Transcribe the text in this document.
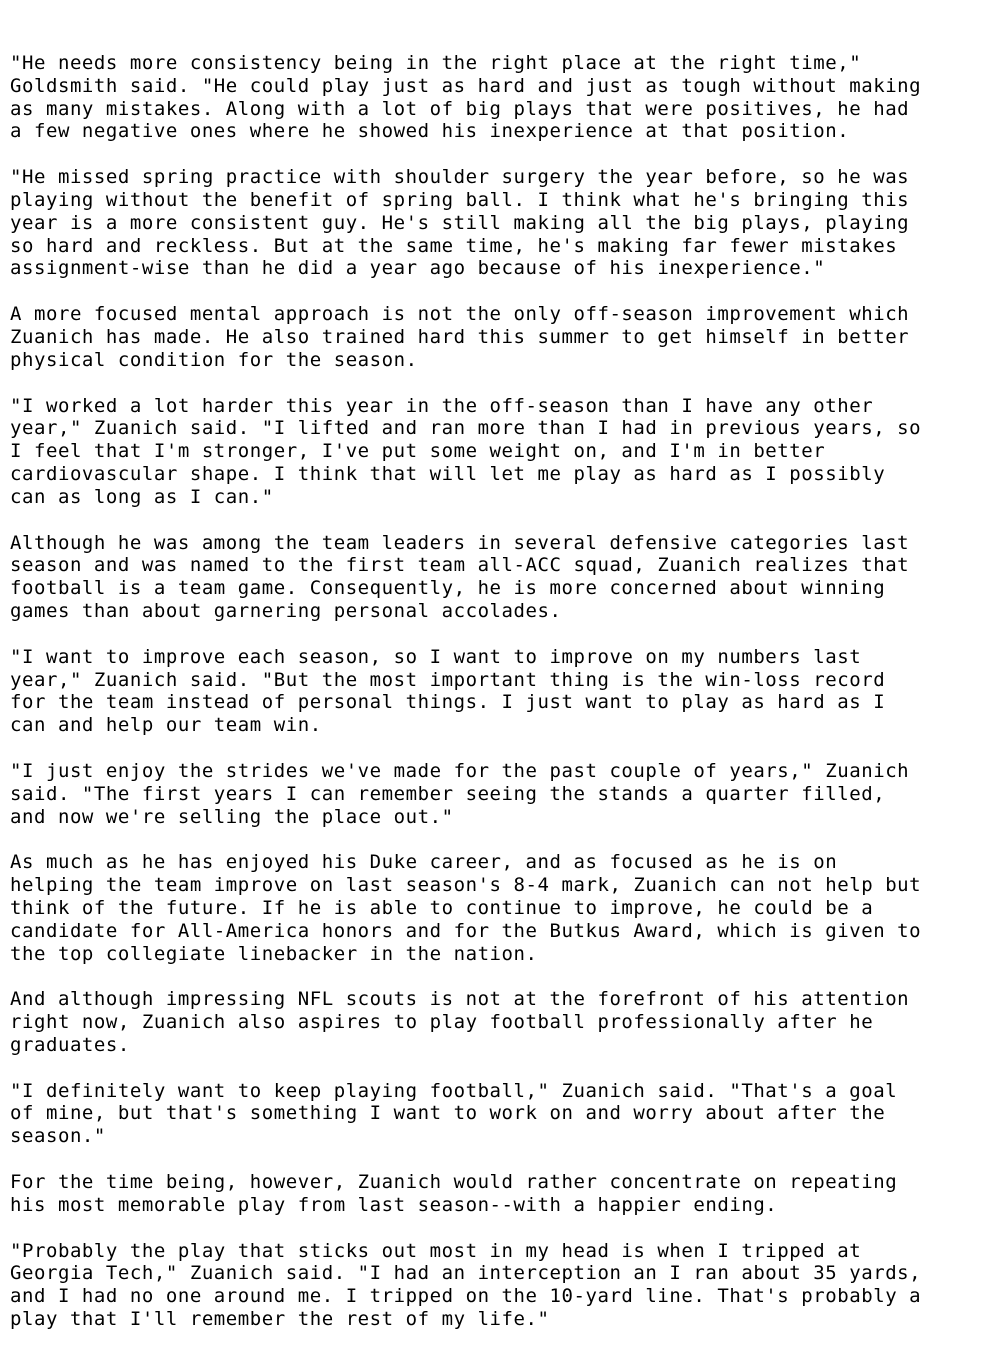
"He needs more consistency being in the right place at the right time,"
Goldsmith said. "He could play just as hard and just as tough without making
as many mistakes. Along with a lot of big plays that were positives, he had
a few negative ones where he showed his inexperience at that position.
"He missed spring practice with shoulder surgery the year before, so he was
playing without the benefit of spring ball. I think what he's bringing this
year is a more consistent guy. He's still making all the big plays, playing
so hard and reckless. But at the same time, he's making far fewer mistakes
assignment-wise than he did a year ago because of his inexperience."
A more focused mental approach is not the only off-season improvement which
Zuanich has made. He also trained hard this summer to get himself in better
physical condition for the season.
"I worked a lot harder this year in the off-season than I have any other
year," Zuanich said. "I lifted and ran more than I had in previous years, so
I feel that I'm stronger, I've put some weight on, and I'm in better
cardiovascular shape. I think that will let me play as hard as I possibly
can as long as I can."
Although he was among the team leaders in several defensive categories last
season and was named to the first team all-ACC squad, Zuanich realizes that
football is a team game. Consequently, he is more concerned about winning
games than about garnering personal accolades.
"I want to improve each season, so I want to improve on my numbers last
year," Zuanich said. "But the most important thing is the win-loss record
for the team instead of personal things. I just want to play as hard as I
can and help our team win.
"I just enjoy the strides we've made for the past couple of years," Zuanich
said. "The first years I can remember seeing the stands a quarter filled,
and now we're selling the place out."
As much as he has enjoyed his Duke career, and as focused as he is on
helping the team improve on last season's 8-4 mark, Zuanich can not help but
think of the future. If he is able to continue to improve, he could be a
candidate for All-America honors and for the Butkus Award, which is given to
the top collegiate linebacker in the nation.
And although impressing NFL scouts is not at the forefront of his attention
right now, Zuanich also aspires to play football professionally after he
graduates.
"I definitely want to keep playing football," Zuanich said. "That's a goal
of mine, but that's something I want to work on and worry about after the
season."
For the time being, however, Zuanich would rather concentrate on repeating
his most memorable play from last season--with a happier ending.
"Probably the play that sticks out most in my head is when I tripped at
Georgia Tech," Zuanich said. "I had an interception an I ran about 35 yards,
and I had no one around me. I tripped on the 10-yard line. That's probably a
play that I'll remember the rest of my life."
